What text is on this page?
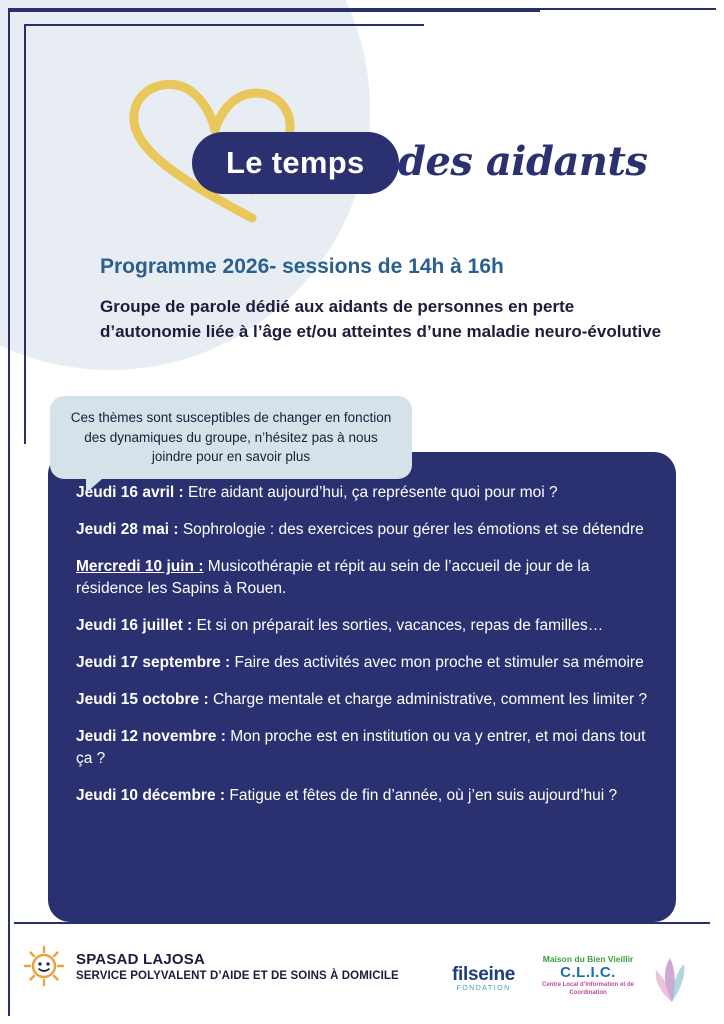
Le temps des aidants
Programme 2026- sessions de 14h à 16h
Groupe de parole dédié aux aidants de personnes en perte d’autonomie liée à l’âge et/ou atteintes d’une maladie neuro-évolutive
Ces thèmes sont susceptibles de changer en fonction des dynamiques du groupe, n’hésitez pas à nous joindre pour en savoir plus
Jeudi 16 avril : Etre aidant aujourd’hui, ça représente quoi pour moi ?
Jeudi 28 mai : Sophrologie : des exercices pour gérer les émotions et se détendre
Mercredi 10 juin : Musicothérapie et répit au sein de l’accueil de jour de la résidence les Sapins à Rouen.
Jeudi 16 juillet : Et si on préparait les sorties, vacances, repas de familles…
Jeudi 17 septembre : Faire des activités avec mon proche et stimuler sa mémoire
Jeudi 15 octobre : Charge mentale et charge administrative, comment les limiter ?
Jeudi 12 novembre : Mon proche est en institution ou va y entrer, et moi dans tout ça ?
Jeudi 10 décembre : Fatigue et fêtes de fin d’année, où j’en suis aujourd’hui ?
SPASAD LAJOSA
SERVICE POLYVALENT D’AIDE ET DE SOINS À DOMICILE	filseine
FONDATION
Maison du Bien Vieillir
C.L.I.C.
Centre Local d’Information et de Coordination
